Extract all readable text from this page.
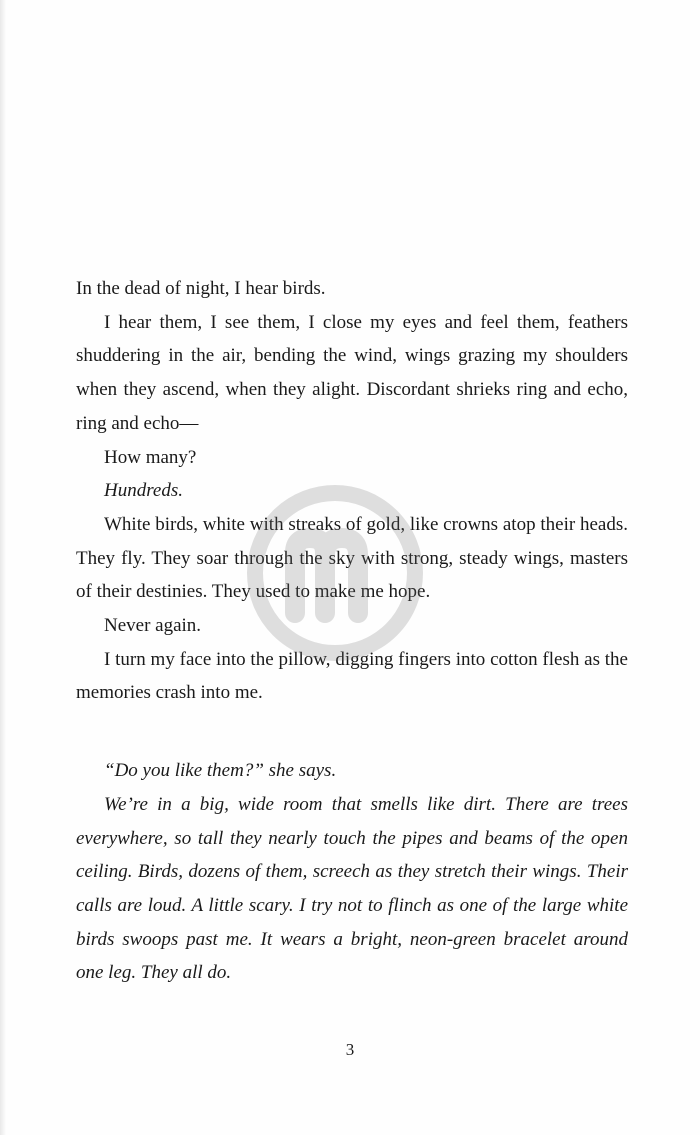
In the dead of night, I hear birds.

I hear them, I see them, I close my eyes and feel them, feathers shuddering in the air, bending the wind, wings grazing my shoulders when they ascend, when they alight. Discordant shrieks ring and echo, ring and echo—

How many?

Hundreds.

White birds, white with streaks of gold, like crowns atop their heads. They fly. They soar through the sky with strong, steady wings, masters of their destinies. They used to make me hope.

Never again.

I turn my face into the pillow, digging fingers into cotton flesh as the memories crash into me.

“Do you like them?” she says.

We’re in a big, wide room that smells like dirt. There are trees everywhere, so tall they nearly touch the pipes and beams of the open ceiling. Birds, dozens of them, screech as they stretch their wings. Their calls are loud. A little scary. I try not to flinch as one of the large white birds swoops past me. It wears a bright, neon-green bracelet around one leg. They all do.

3
